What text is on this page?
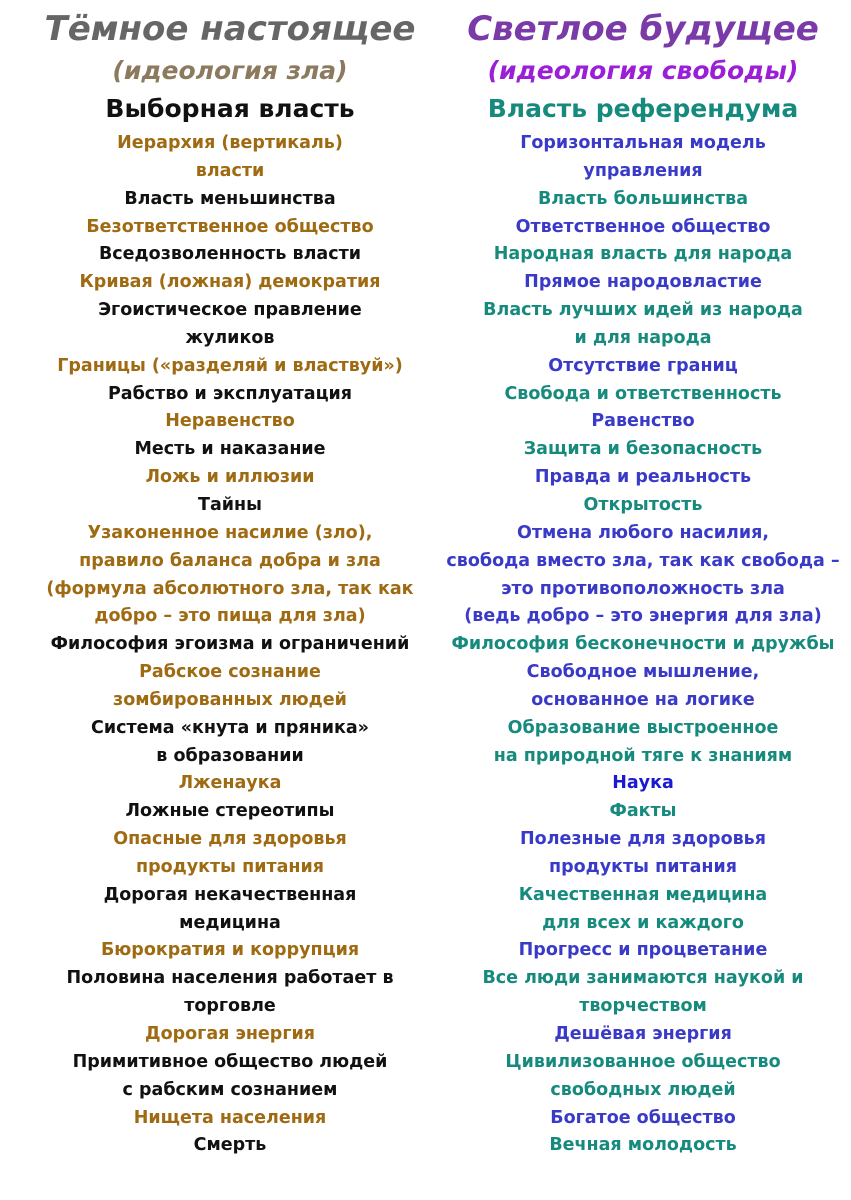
Тёмное настоящее
(идеология зла)
Выборная власть
Иерархия (вертикаль)
власти
Власть меньшинства
Безответственное общество
Вседозволенность власти
Кривая (ложная) демократия
Эгоистическое правление
жуликов
Границы («разделяй и властвуй»)
Рабство и эксплуатация
Неравенство
Месть и наказание
Ложь и иллюзии
Тайны
Узаконенное насилие (зло),
правило баланса добра и зла
(формула абсолютного зла, так как
добро – это пища для зла)
Философия эгоизма и ограничений
Рабское сознание
зомбированных людей
Система «кнута и пряника»
в образовании
Лженаука
Ложные стереотипы
Опасные для здоровья
продукты питания
Дорогая некачественная
медицина
Бюрократия и коррупция
Половина населения работает в
торговле
Дорогая энергия
Примитивное общество людей
с рабским сознанием
Нищета населения
Смерть
Светлое будущее
(идеология свободы)
Власть референдума
Горизонтальная модель
управления
Власть большинства
Ответственное общество
Народная власть для народа
Прямое народовластие
Власть лучших идей из народа
и для народа
Отсутствие границ
Свобода и ответственность
Равенство
Защита и безопасность
Правда и реальность
Открытость
Отмена любого насилия,
свобода вместо зла, так как свобода –
это противоположность зла
(ведь добро – это энергия для зла)
Философия бесконечности и дружбы
Свободное мышление,
основанное на логике
Образование выстроенное
на природной тяге к знаниям
Наука
Факты
Полезные для здоровья
продукты питания
Качественная медицина
для всех и каждого
Прогресс и процветание
Все люди занимаются наукой и
творчеством
Дешёвая энергия
Цивилизованное общество
свободных людей
Богатое общество
Вечная молодость
